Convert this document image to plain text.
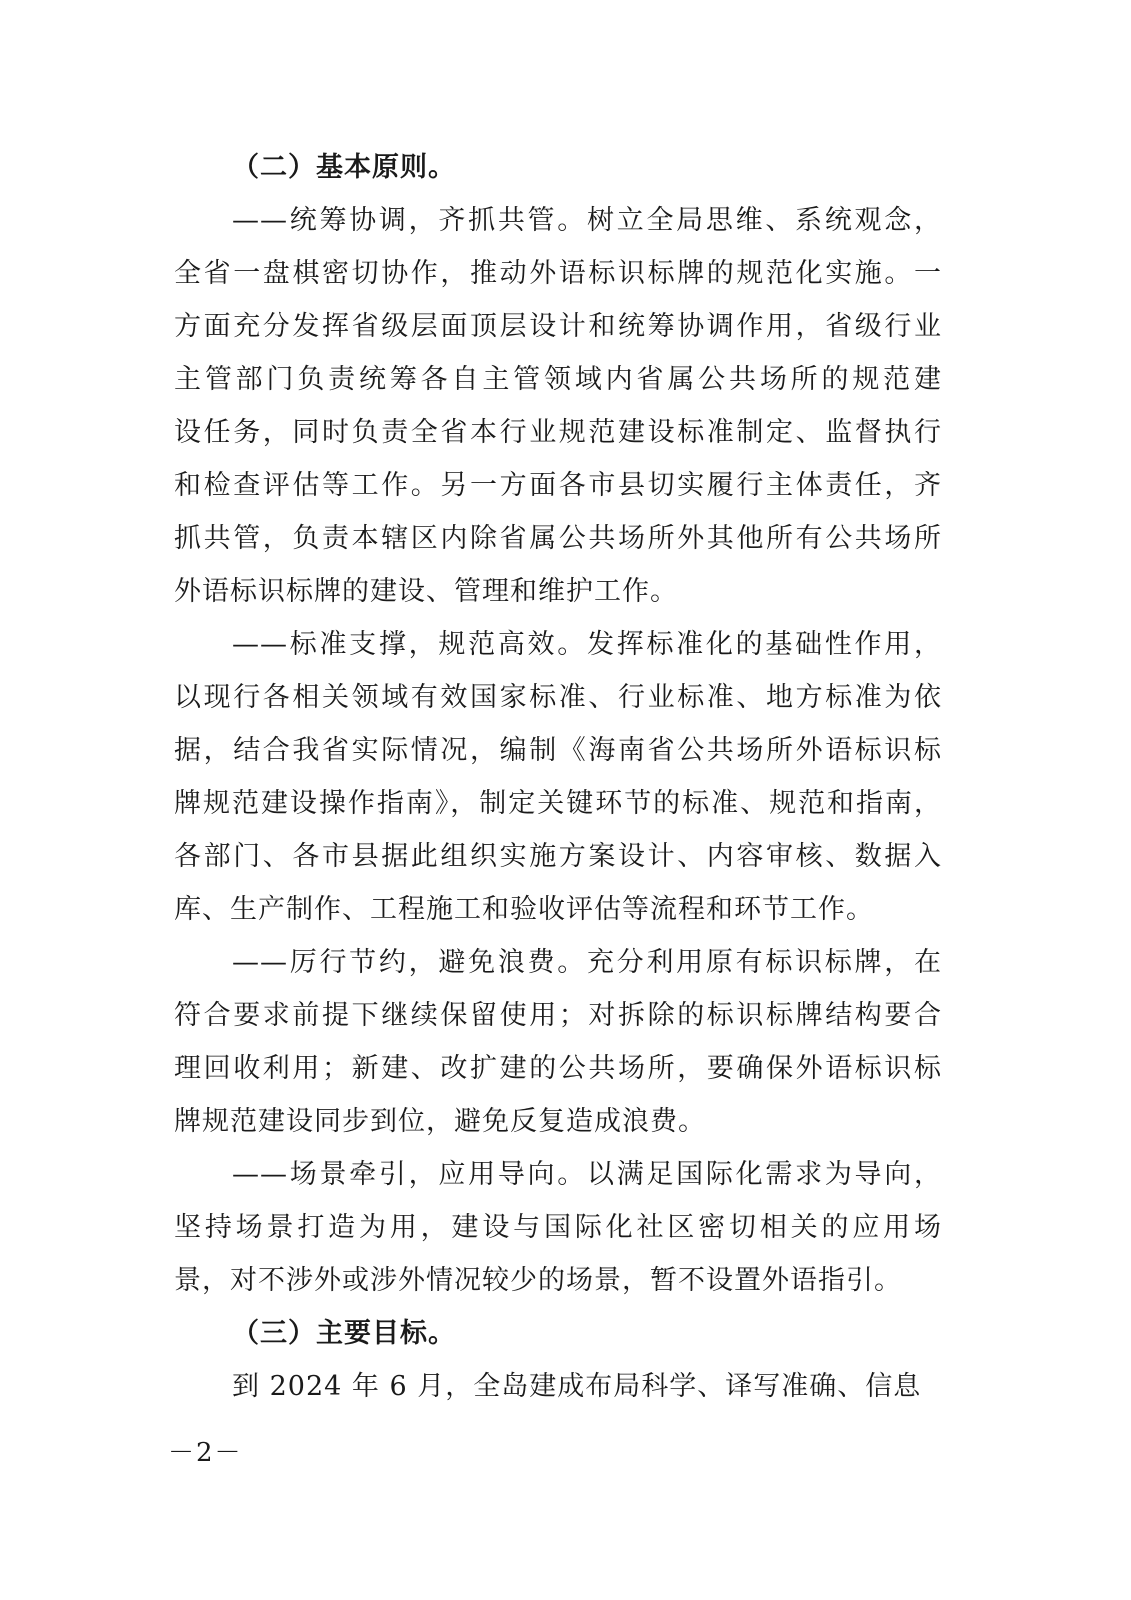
（二）基本原则。
——统筹协调，齐抓共管。树立全局思维、系统观念，
全省一盘棋密切协作，推动外语标识标牌的规范化实施。一
方面充分发挥省级层面顶层设计和统筹协调作用，省级行业
主管部门负责统筹各自主管领域内省属公共场所的规范建
设任务，同时负责全省本行业规范建设标准制定、监督执行
和检查评估等工作。另一方面各市县切实履行主体责任，齐
抓共管，负责本辖区内除省属公共场所外其他所有公共场所
外语标识标牌的建设、管理和维护工作。
——标准支撑，规范高效。发挥标准化的基础性作用，
以现行各相关领域有效国家标准、行业标准、地方标准为依
据，结合我省实际情况，编制《海南省公共场所外语标识标
牌规范建设操作指南》，制定关键环节的标准、规范和指南，
各部门、各市县据此组织实施方案设计、内容审核、数据入
库、生产制作、工程施工和验收评估等流程和环节工作。
——厉行节约，避免浪费。充分利用原有标识标牌，在
符合要求前提下继续保留使用；对拆除的标识标牌结构要合
理回收利用；新建、改扩建的公共场所，要确保外语标识标
牌规范建设同步到位，避免反复造成浪费。
——场景牵引，应用导向。以满足国际化需求为导向，
坚持场景打造为用，建设与国际化社区密切相关的应用场
景，对不涉外或涉外情况较少的场景，暂不设置外语指引。
（三）主要目标。
到 2024 年 6 月，全岛建成布局科学、译写准确、信息
－2－
